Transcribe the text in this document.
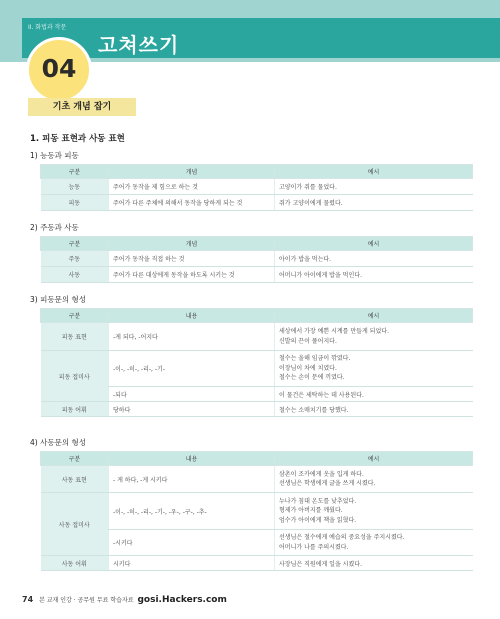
II. 화법과 작문
고쳐쓰기
04
기초 개념 잡기
1. 피동 표현과 사동 표현
1) 능동과 피동
구분	개념	예시
능동	주어가 동작을 제 힘으로 하는 것	고양이가 쥐를 물었다.
피동	주어가 다른 주체에 의해서 동작을 당하게 되는 것	쥐가 고양이에게 물렸다.
2) 주동과 사동
구분	개념	예시
주동	주어가 동작을 직접 하는 것	아이가 밥을 먹는다.
사동	주어가 다른 대상에게 동작을 하도록 시키는 것	어머니가 아이에게 밥을 먹인다.
3) 피동문의 형성
구분	내용	예시
피동 표현	-게 되다, -어지다	세상에서 가장 예쁜 시계를 만들게 되었다.
신발의 끈이 풀어지다.

피동 접미사	-이-, -히-, -리-, -기-	철수는 올해 임금이 깎였다.
이장님이 차에 치였다.
철수는 손이 문에 끼였다.

	-되다	이 물건은 세탁하는 데 사용된다.
피동 어휘	당하다	철수는 소매치기를 당했다.
4) 사동문의 형성
구분	내용	예시
사동 표현	- 게 하다, -게 시키다	삼촌이 조카에게 옷을 입게 하다.
선생님은 학생에게 글을 쓰게 시켰다.

사동 접미사	-이-, -히-, -리-, -기-, -우-, -구-, -추-	누나가 침대 온도를 낮추었다.
형제가 아버지를 깨웠다.
엄수가 아이에게 책을 읽혔다.

	-시키다	선생님은 철수에게 예습의 중요성을 주지시켰다.
어머니가 나를 주의시켰다.

사동 어휘	시키다	사장님은 직원에게 일을 시켰다.
74 본 교재 인강 · 공무원 무료 학습자료 gosi.Hackers.com
